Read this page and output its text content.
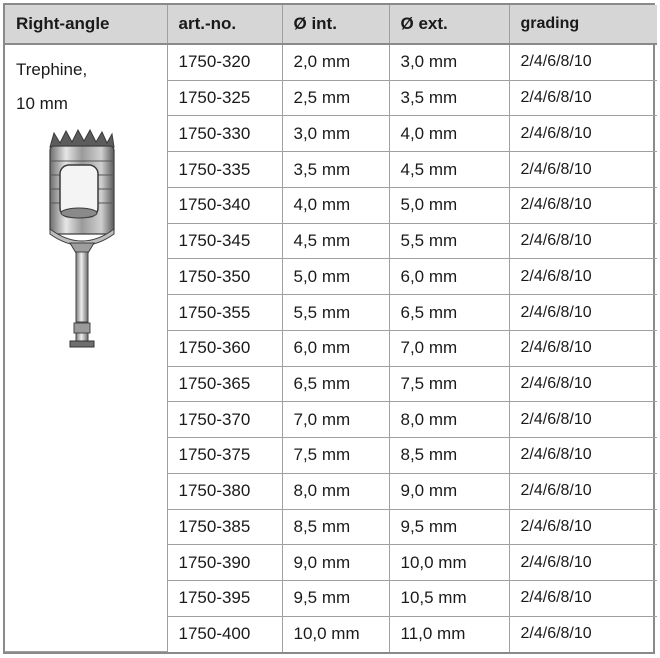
Right-angle	art.-no.	Ø int.	Ø ext.	grading

Trephine,
10 mm	1750-320	2,0 mm	3,0 mm	2/4/6/8/10
	1750-325	2,5 mm	3,5 mm	2/4/6/8/10
	1750-330	3,0 mm	4,0 mm	2/4/6/8/10
	1750-335	3,5 mm	4,5 mm	2/4/6/8/10
	1750-340	4,0 mm	5,0 mm	2/4/6/8/10
	1750-345	4,5 mm	5,5 mm	2/4/6/8/10
	1750-350	5,0 mm	6,0 mm	2/4/6/8/10
	1750-355	5,5 mm	6,5 mm	2/4/6/8/10
	1750-360	6,0 mm	7,0 mm	2/4/6/8/10
	1750-365	6,5 mm	7,5 mm	2/4/6/8/10
	1750-370	7,0 mm	8,0 mm	2/4/6/8/10
	1750-375	7,5 mm	8,5 mm	2/4/6/8/10
	1750-380	8,0 mm	9,0 mm	2/4/6/8/10
	1750-385	8,5 mm	9,5 mm	2/4/6/8/10
	1750-390	9,0 mm	10,0 mm	2/4/6/8/10
	1750-395	9,5 mm	10,5 mm	2/4/6/8/10
	1750-400	10,0 mm	11,0 mm	2/4/6/8/10
